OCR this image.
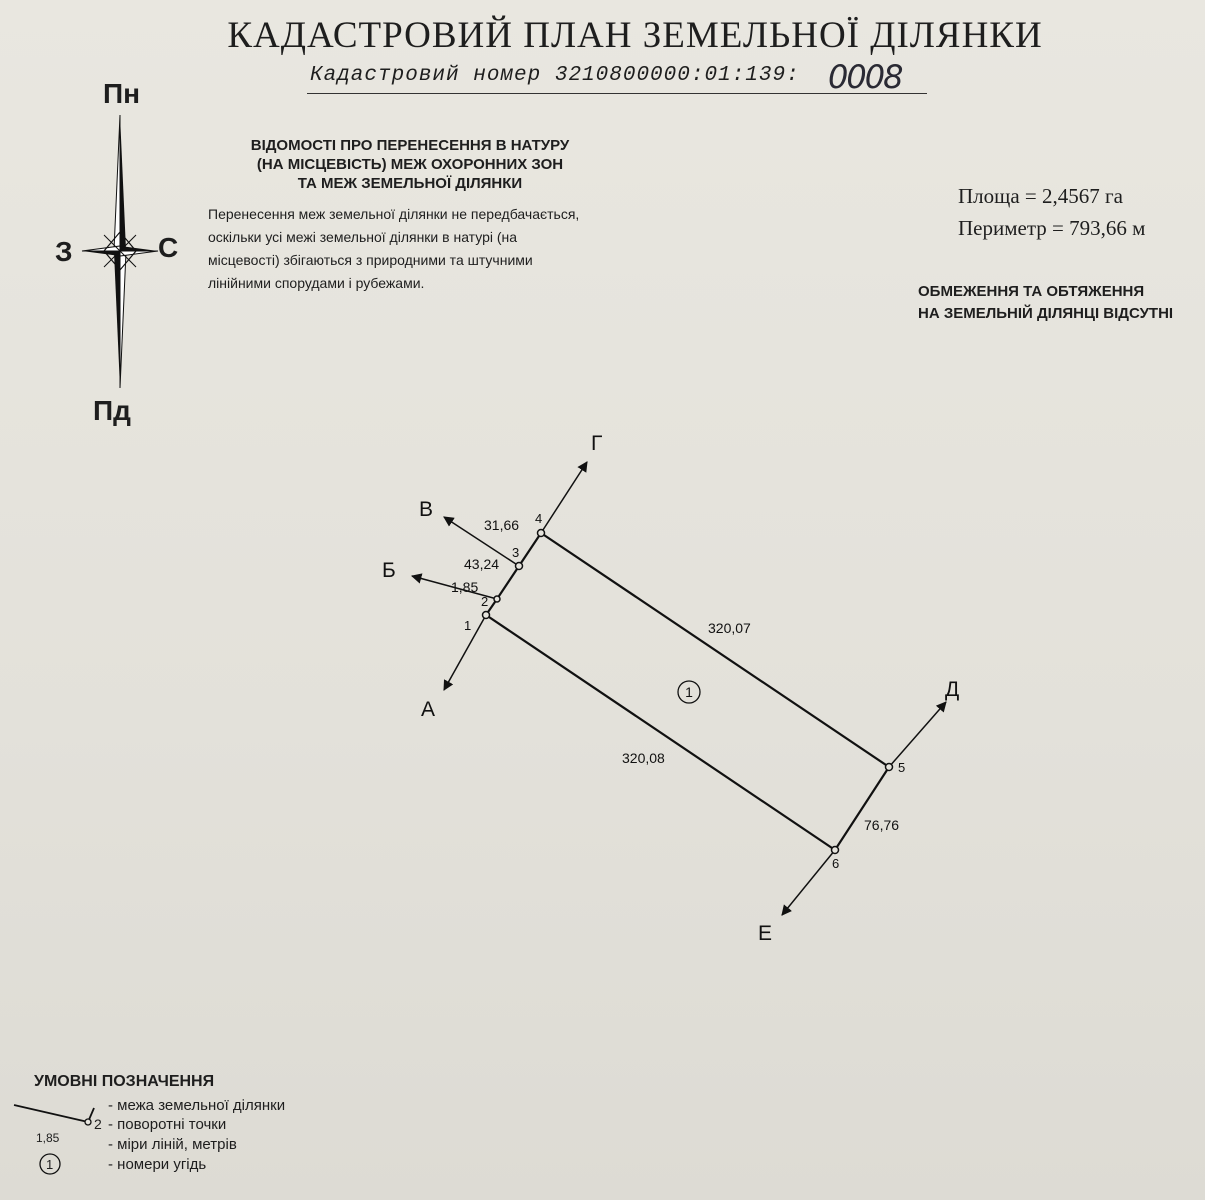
КАДАСТРОВИЙ ПЛАН ЗЕМЕЛЬНОЇ ДІЛЯНКИ
Кадастровий номер 3210800000:01:139: 0008
Пн
Пд
З	С
ВІДОМОСТІ ПРО ПЕРЕНЕСЕННЯ В НАТУРУ
(НА МІСЦЕВІСТЬ) МЕЖ ОХОРОННИХ ЗОН
ТА МЕЖ ЗЕМЕЛЬНОЇ ДІЛЯНКИ
Перенесення меж земельної ділянки не передбачається,
оскільки усі межі земельної ділянки в натурі (на
місцевості) збігаються з природними та штучними
лінійними спорудами і рубежами.
Площа = 2,4567 га
Периметр = 793,66 м
ОБМЕЖЕННЯ ТА ОБТЯЖЕННЯ
НА ЗЕМЕЛЬНІЙ ДІЛЯНЦІ ВІДСУТНІ
1
2
3
4
5
6
А
Б
В
Г
Д
Е
31,66
43,24
1,85
320,07
320,08
76,76
1
УМОВНІ ПОЗНАЧЕННЯ
- межа земельної ділянки
2 - поворотні точки
1,85	- міри ліній, метрів
1	- номери угідь
